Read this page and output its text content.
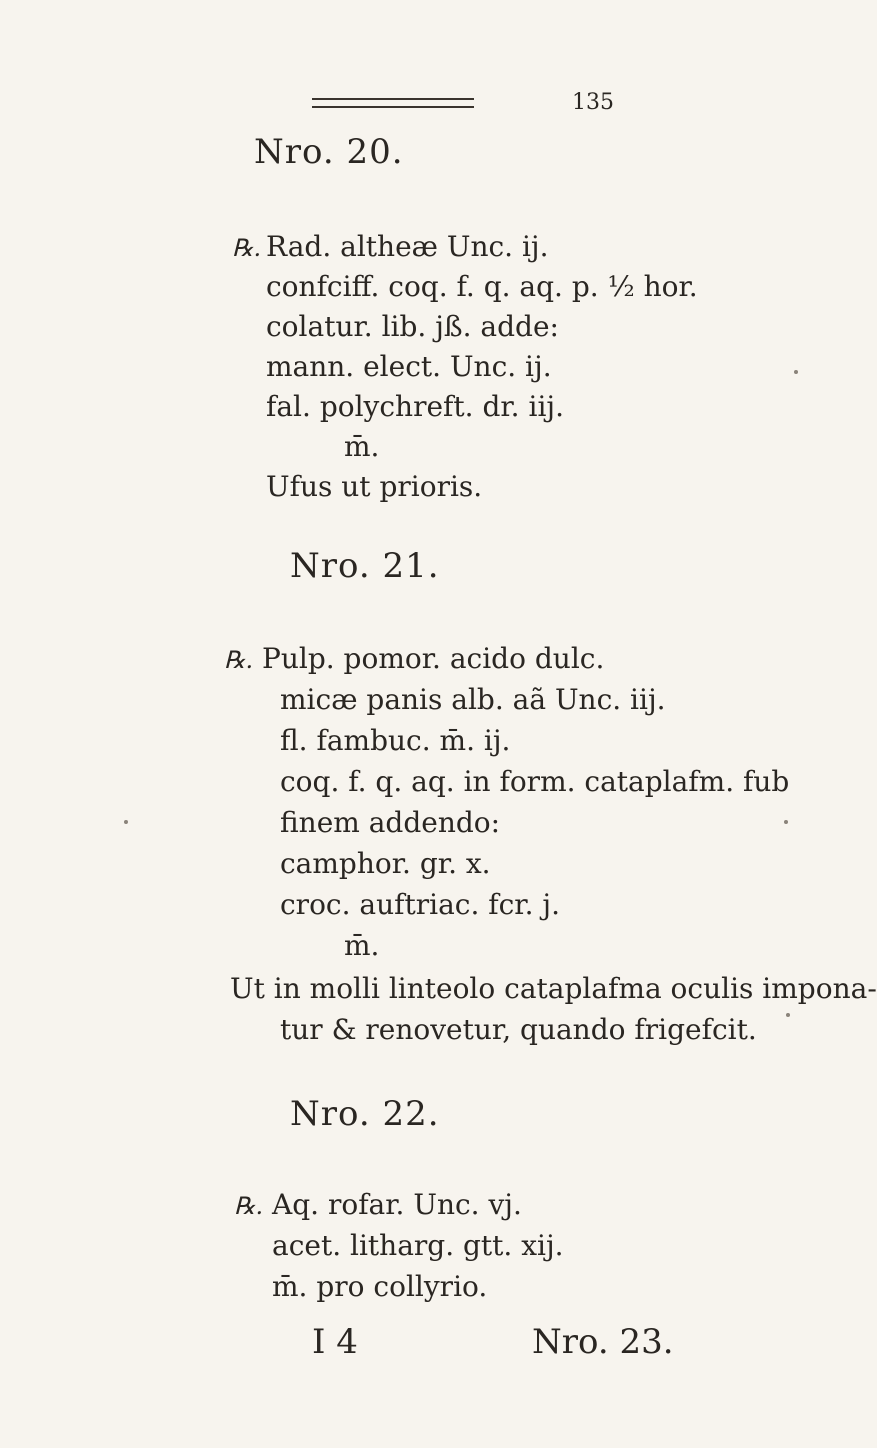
135
Nro. 20.
℞. Rad. altheæ Unc. ij.
confciff. coq. f. q. aq. p. ½ hor.
colatur. lib. jß. adde:
mann. elect. Unc. ij.
fal. polychreft. dr. iij.
m̄.
Ufus ut prioris.
Nro. 21.
℞. Pulp. pomor. acido dulc.
micæ panis alb. aã Unc. iij.
fl. fambuc. m̄. ij.
coq. f. q. aq. in form. cataplafm. fub
finem addendo:
camphor. gr. x.
croc. auftriac. fcr. j.
m̄.
Ut in molli linteolo cataplafma oculis impona-
tur & renovetur, quando frigefcit.
Nro. 22.
℞. Aq. rofar. Unc. vj.
acet. litharg. gtt. xij.
m̄. pro collyrio.
I 4	Nro. 23.
